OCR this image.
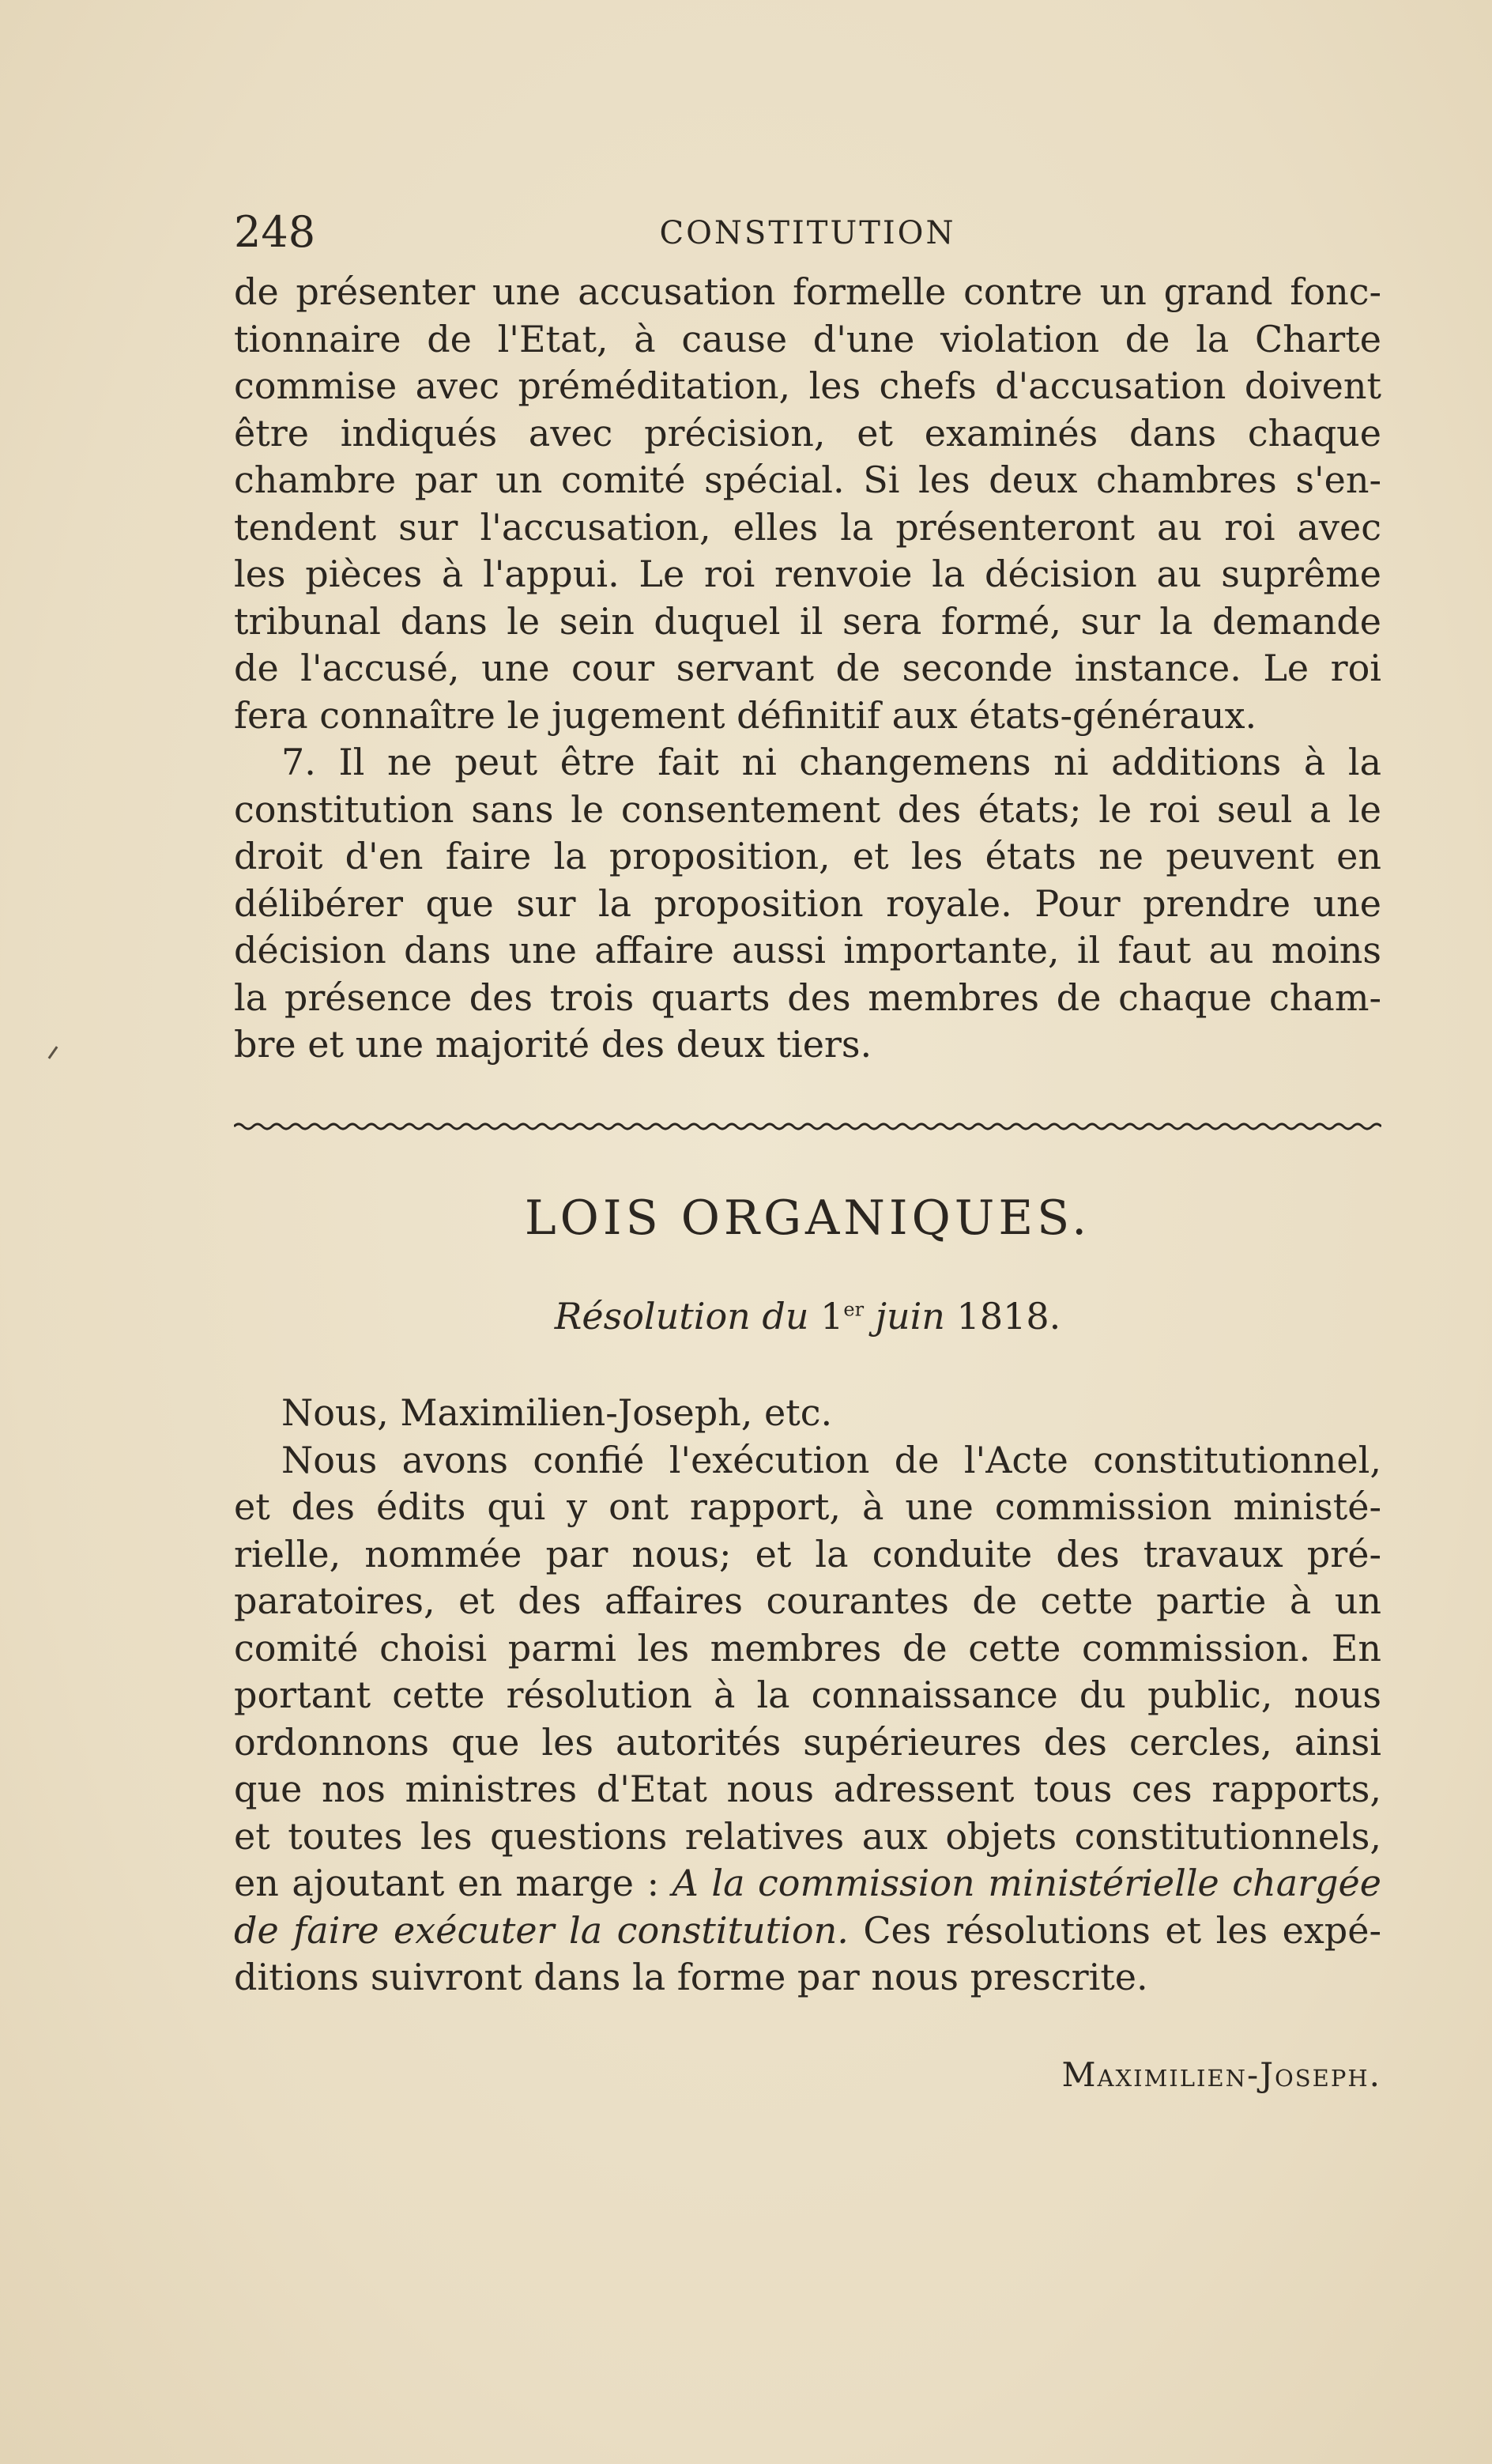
248	CONSTITUTION
de présenter une accusation formelle contre un grand fonc-
tionnaire de l'Etat, à cause d'une violation de la Charte
commise avec préméditation, les chefs d'accusation doivent
être indiqués avec précision, et examinés dans chaque
chambre par un comité spécial. Si les deux chambres s'en-
tendent sur l'accusation, elles la présenteront au roi avec
les pièces à l'appui. Le roi renvoie la décision au suprême
tribunal dans le sein duquel il sera formé, sur la demande
de l'accusé, une cour servant de seconde instance. Le roi
fera connaître le jugement définitif aux états-généraux.
7. Il ne peut être fait ni changemens ni additions à la
constitution sans le consentement des états; le roi seul a le
droit d'en faire la proposition, et les états ne peuvent en
délibérer que sur la proposition royale. Pour prendre une
décision dans une affaire aussi importante, il faut au moins
la présence des trois quarts des membres de chaque cham-
bre et une majorité des deux tiers.
LOIS ORGANIQUES.
Résolution du 1er juin 1818.
Nous, Maximilien-Joseph, etc.
Nous avons confié l'exécution de l'Acte constitutionnel,
et des édits qui y ont rapport, à une commission ministé-
rielle, nommée par nous; et la conduite des travaux pré-
paratoires, et des affaires courantes de cette partie à un
comité choisi parmi les membres de cette commission. En
portant cette résolution à la connaissance du public, nous
ordonnons que les autorités supérieures des cercles, ainsi
que nos ministres d'Etat nous adressent tous ces rapports,
et toutes les questions relatives aux objets constitutionnels,
en ajoutant en marge : A la commission ministérielle chargée
de faire exécuter la constitution. Ces résolutions et les expé-
ditions suivront dans la forme par nous prescrite.
Maximilien-Joseph.
